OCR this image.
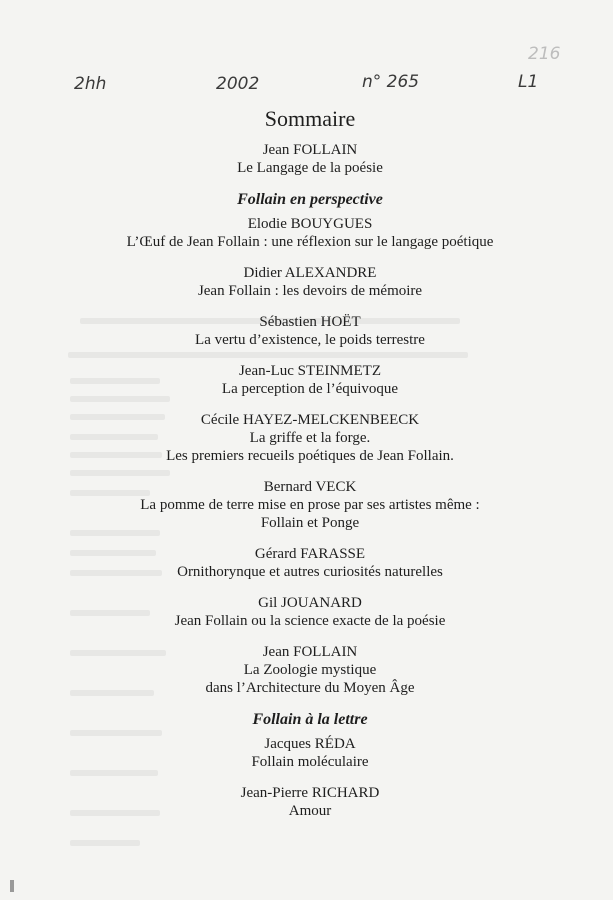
216
2hh	2002	n° 265	L1
Sommaire
Jean FOLLAIN
Le Langage de la poésie
Follain en perspective
Elodie BOUYGUES
L’Œuf de Jean Follain : une réflexion sur le langage poétique
Didier ALEXANDRE
Jean Follain : les devoirs de mémoire
Sébastien HOËT
La vertu d’existence, le poids terrestre
Jean-Luc STEINMETZ
La perception de l’équivoque
Cécile HAYEZ-MELCKENBEECK
La griffe et la forge.
Les premiers recueils poétiques de Jean Follain.
Bernard VECK
La pomme de terre mise en prose par ses artistes même :
Follain et Ponge
Gérard FARASSE
Ornithorynque et autres curiosités naturelles
Gil JOUANARD
Jean Follain ou la science exacte de la poésie
Jean FOLLAIN
La Zoologie mystique
dans l’Architecture du Moyen Âge
Follain à la lettre
Jacques RÉDA
Follain moléculaire
Jean-Pierre RICHARD
Amour
